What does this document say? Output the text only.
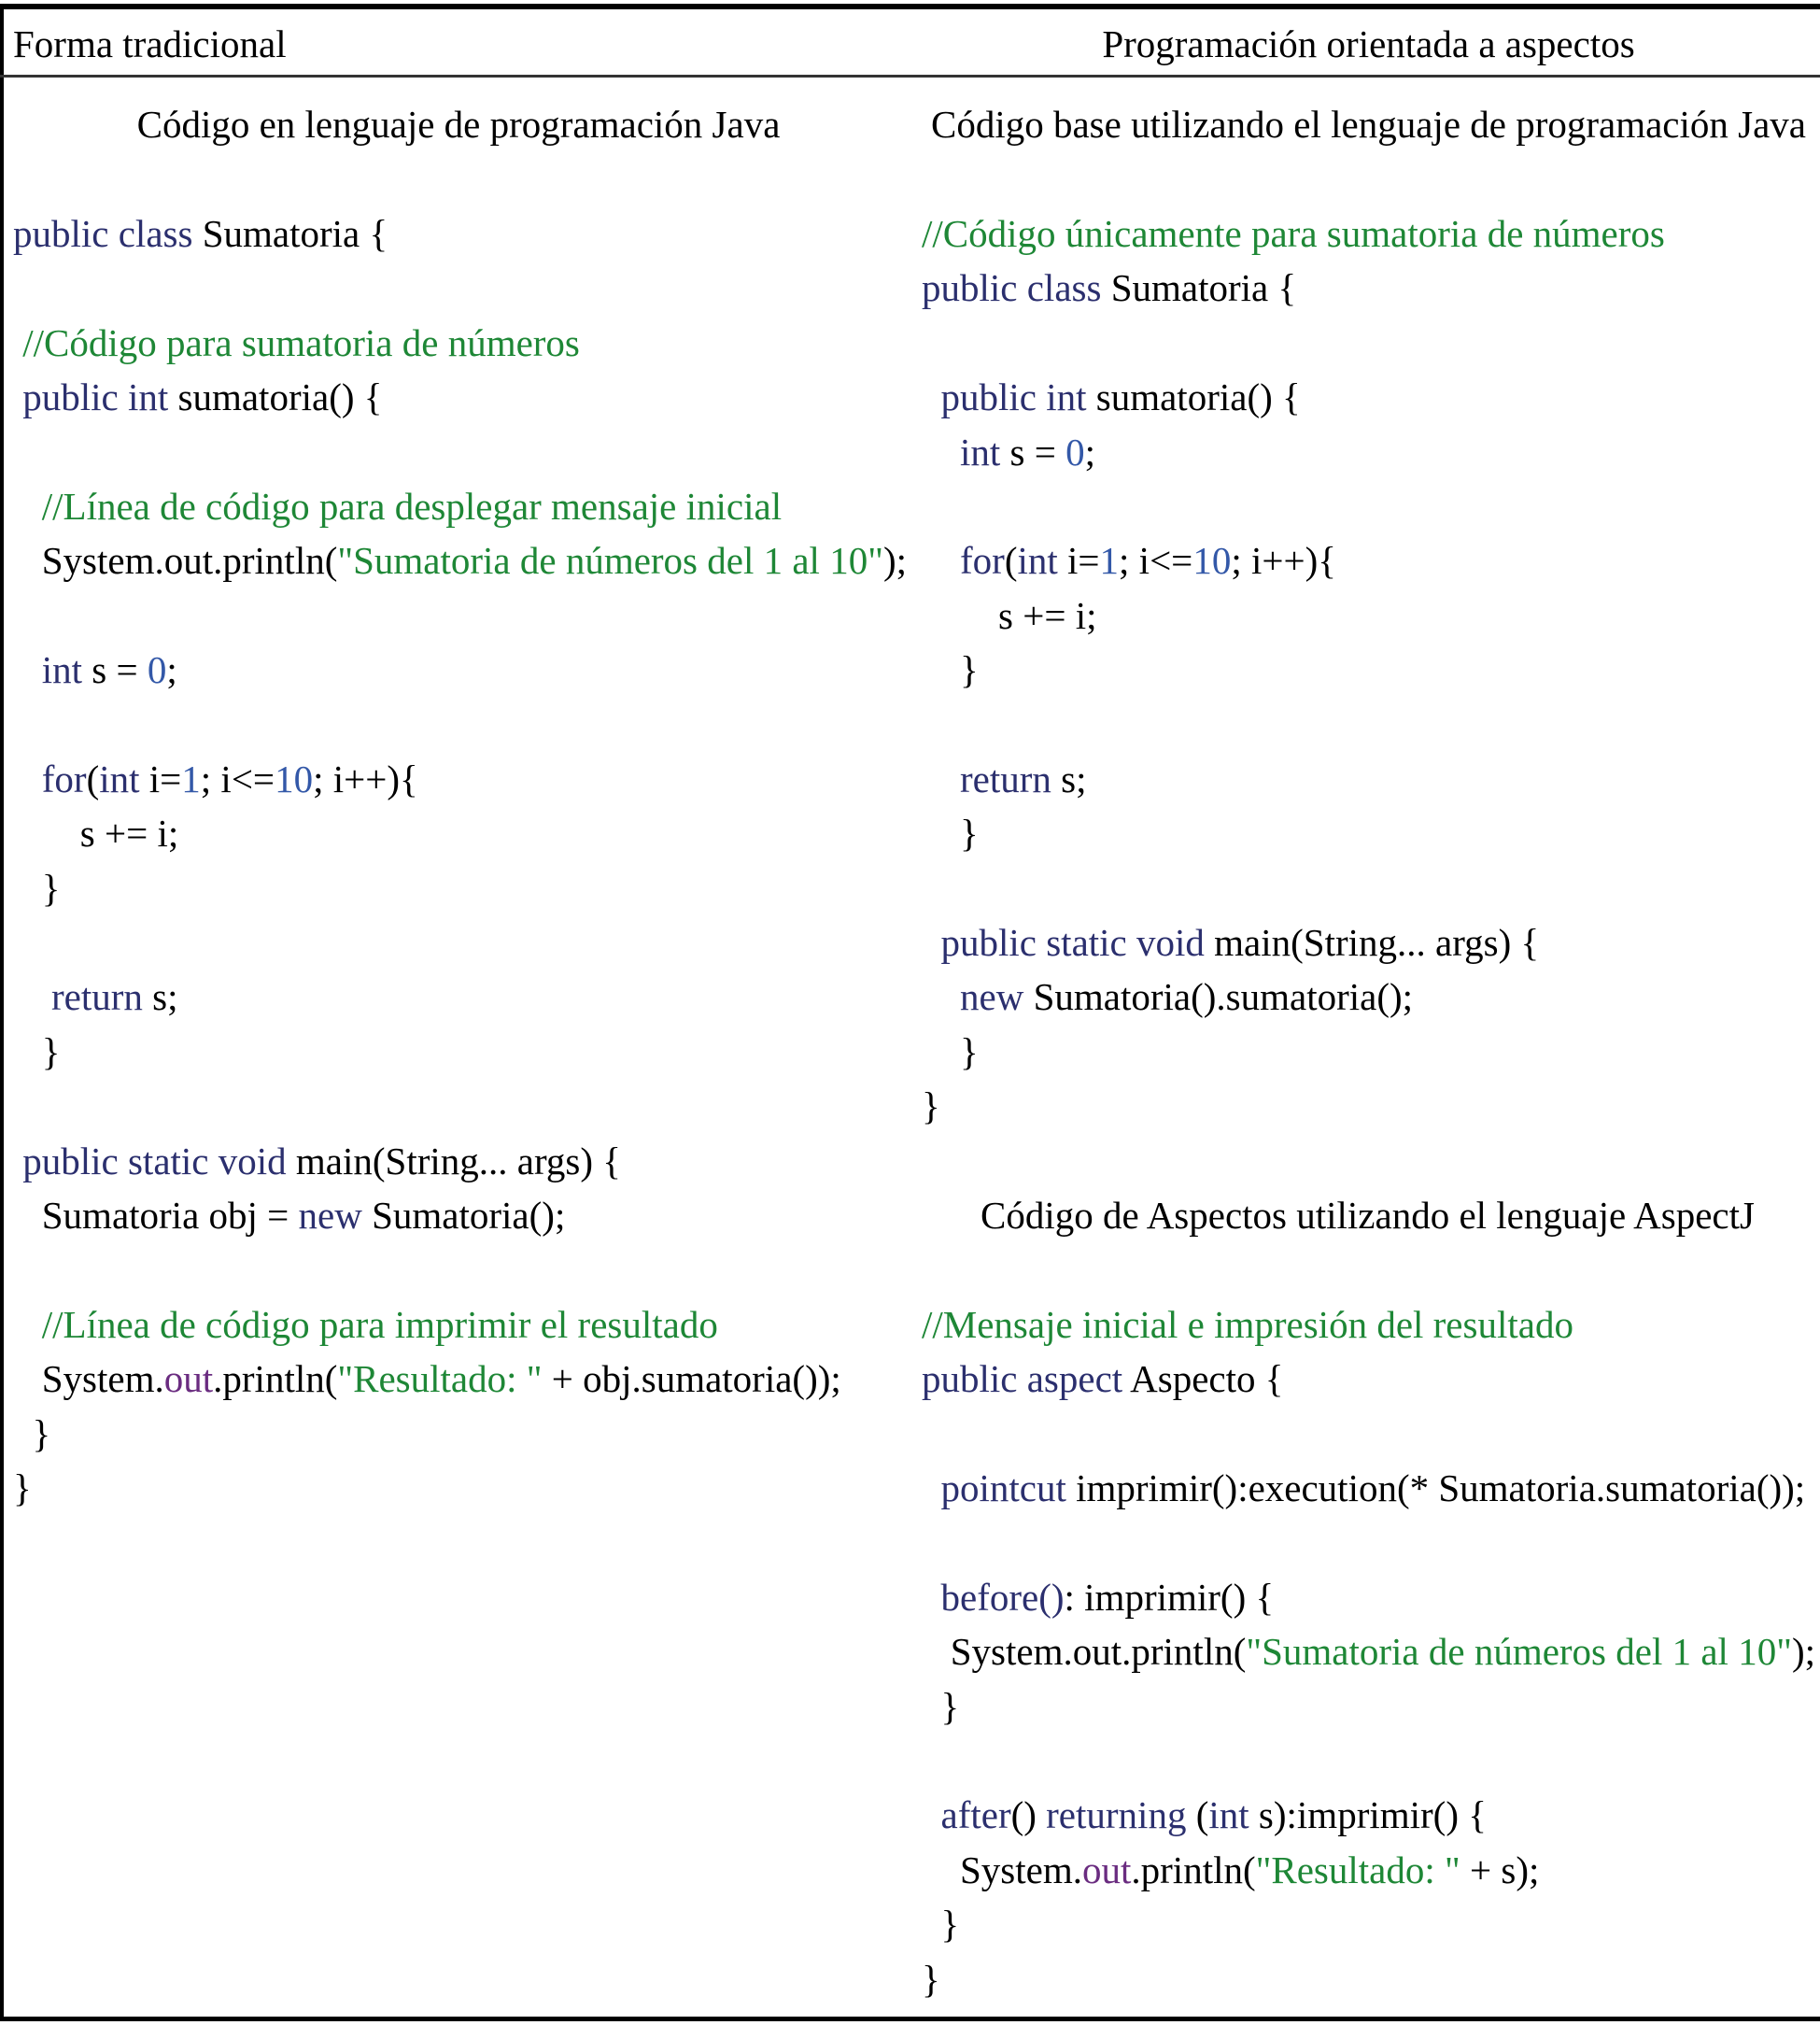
Forma tradicional	Programación orientada a aspectos
Código en lenguaje de programación Java	Código base utilizando el lenguaje de programación Java
public class Sumatoria {
//Código para sumatoria de números
public int sumatoria() {
//Línea de código para desplegar mensaje inicial
System.out.println("Sumatoria de números del 1 al 10");
int s = 0;
for(int i=1; i<=10; i++){
s += i;
}
return s;
}
public static void main(String... args) {
Sumatoria obj = new Sumatoria();
//Línea de código para imprimir el resultado
System.out.println("Resultado: " + obj.sumatoria());
}
}
//Código únicamente para sumatoria de números
public class Sumatoria {
public int sumatoria() {
int s = 0;
for(int i=1; i<=10; i++){
s += i;
}
return s;
}
public static void main(String... args) {
new Sumatoria().sumatoria();
}
}
Código de Aspectos utilizando el lenguaje AspectJ
//Mensaje inicial e impresión del resultado
public aspect Aspecto {
pointcut imprimir():execution(* Sumatoria.sumatoria());
before(): imprimir() {
System.out.println("Sumatoria de números del 1 al 10");
}
after() returning (int s):imprimir() {
System.out.println("Resultado: " + s);
}
}
